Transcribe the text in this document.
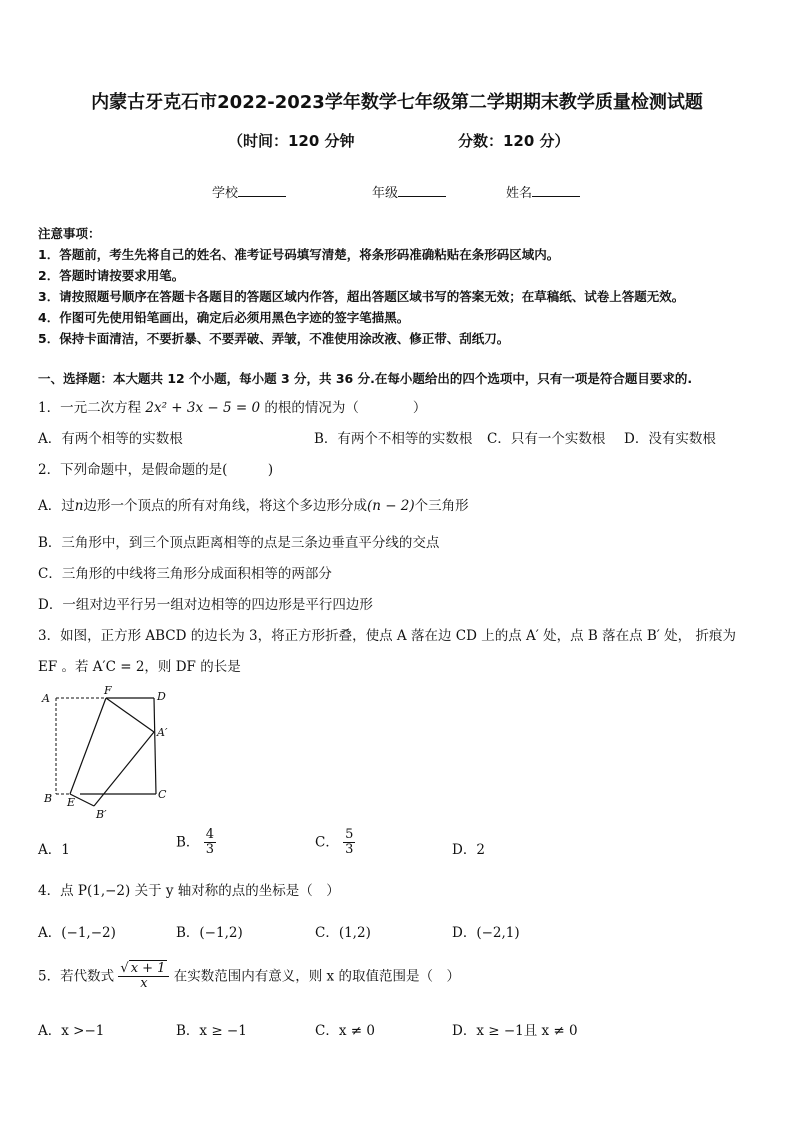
内蒙古牙克石市2022-2023学年数学七年级第二学期期末教学质量检测试题
（时间：120 分钟	分数：120 分）
学校	年级	姓名
注意事项：
1．答题前，考生先将自己的姓名、准考证号码填写清楚，将条形码准确粘贴在条形码区域内。
2．答题时请按要求用笔。
3．请按照题号顺序在答题卡各题目的答题区域内作答，超出答题区域书写的答案无效；在草稿纸、试卷上答题无效。
4．作图可先使用铅笔画出，确定后必须用黑色字迹的签字笔描黑。
5．保持卡面清洁，不要折暴、不要弄破、弄皱，不准使用涂改液、修正带、刮纸刀。
一、选择题：本大题共 12 个小题，每小题 3 分，共 36 分.在每小题给出的四个选项中，只有一项是符合题目要求的.
1．一元二次方程 2x² + 3x − 5 = 0 的根的情况为（　　　　）
A．有两个相等的实数根	B．有两个不相等的实数根 C．只有一个实数根 D．没有实数根
2．下列命题中，是假命题的是(　　　)
A．过n边形一个顶点的所有对角线，将这个多边形分成(n − 2)个三角形
B．三角形中，到三个顶点距离相等的点是三条边垂直平分线的交点
C．三角形的中线将三角形分成面积相等的两部分
D．一组对边平行另一组对边相等的四边形是平行四边形
3．如图，正方形 ABCD 的边长为 3，将正方形折叠，使点 A 落在边 CD 上的点 A′ 处，点 B 落在点 B′ 处， 折痕为
EF 。若 A′C = 2，则 DF 的长是
A
F	D
A′
B E
C
B′
A．1	B． $\frac{4}{3}$	C． $\frac{5}{3}$	D．2
4．点 P(1,−2) 关于 y 轴对称的点的坐标是（　）
A．(−1,−2)	B．(−1,2)	C．(1,2)	D．(−2,1)
5．若代数式 $\frac{√ x + 1}{x}$ 在实数范围内有意义，则 x 的取值范围是（　）
A．x >−1	B．x ≥ −1	C．x ≠ 0	D．x ≥ −1且 x ≠ 0
